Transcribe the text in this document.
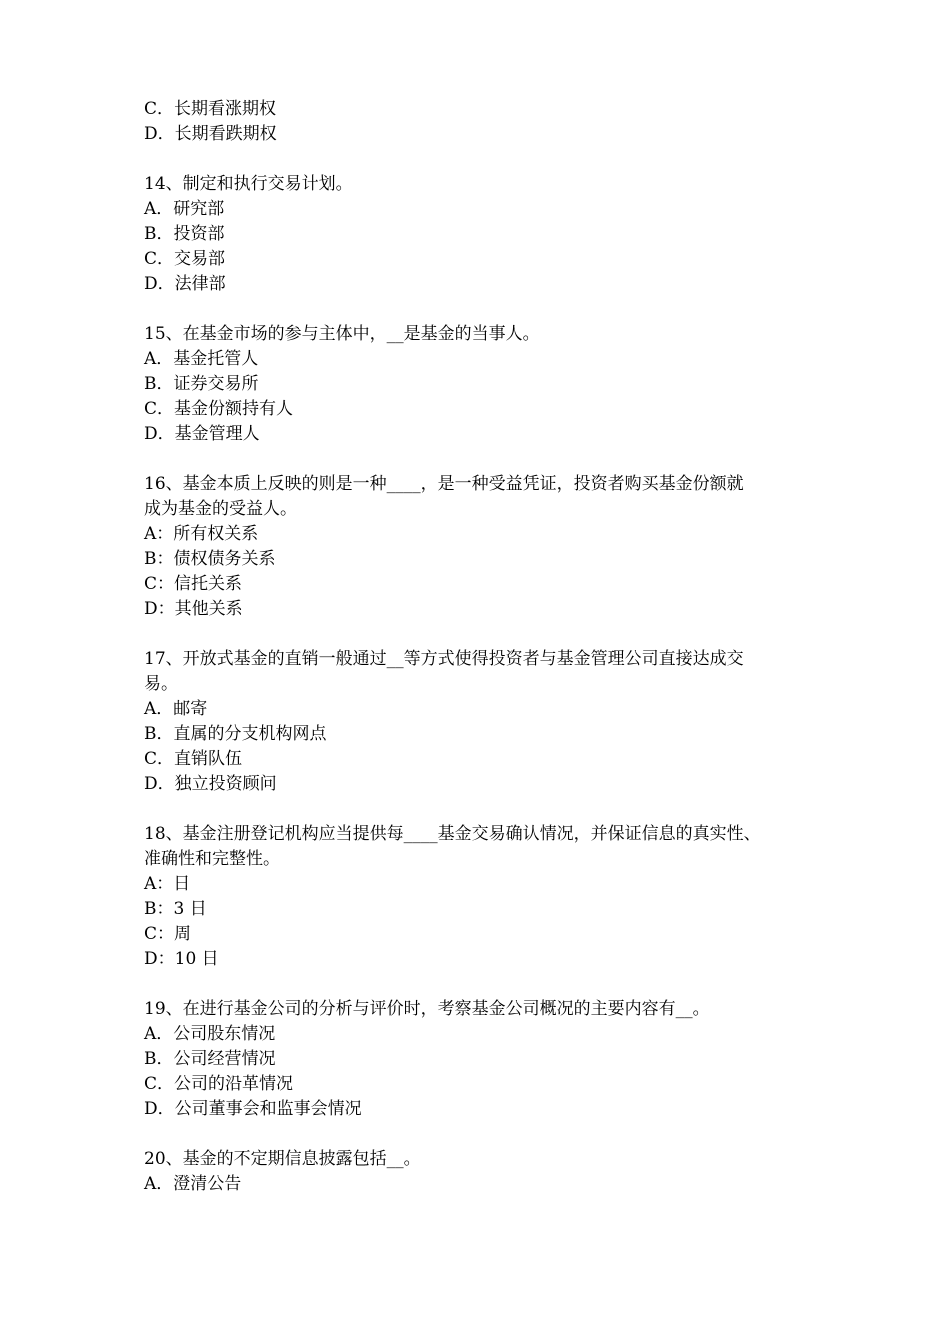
C．长期看涨期权
D．长期看跌期权
14、制定和执行交易计划。
A．研究部
B．投资部
C．交易部
D．法律部
15、在基金市场的参与主体中，__是基金的当事人。
A．基金托管人
B．证券交易所
C．基金份额持有人
D．基金管理人
16、基金本质上反映的则是一种____，是一种受益凭证，投资者购买基金份额就
成为基金的受益人。
A：所有权关系
B：债权债务关系
C：信托关系
D：其他关系
17、开放式基金的直销一般通过__等方式使得投资者与基金管理公司直接达成交
易。
A．邮寄
B．直属的分支机构网点
C．直销队伍
D．独立投资顾问
18、基金注册登记机构应当提供每____基金交易确认情况，并保证信息的真实性、
准确性和完整性。
A：日
B：3 日
C：周
D：10 日
19、在进行基金公司的分析与评价时，考察基金公司概况的主要内容有__。
A．公司股东情况
B．公司经营情况
C．公司的沿革情况
D．公司董事会和监事会情况
20、基金的不定期信息披露包括__。
A．澄清公告
